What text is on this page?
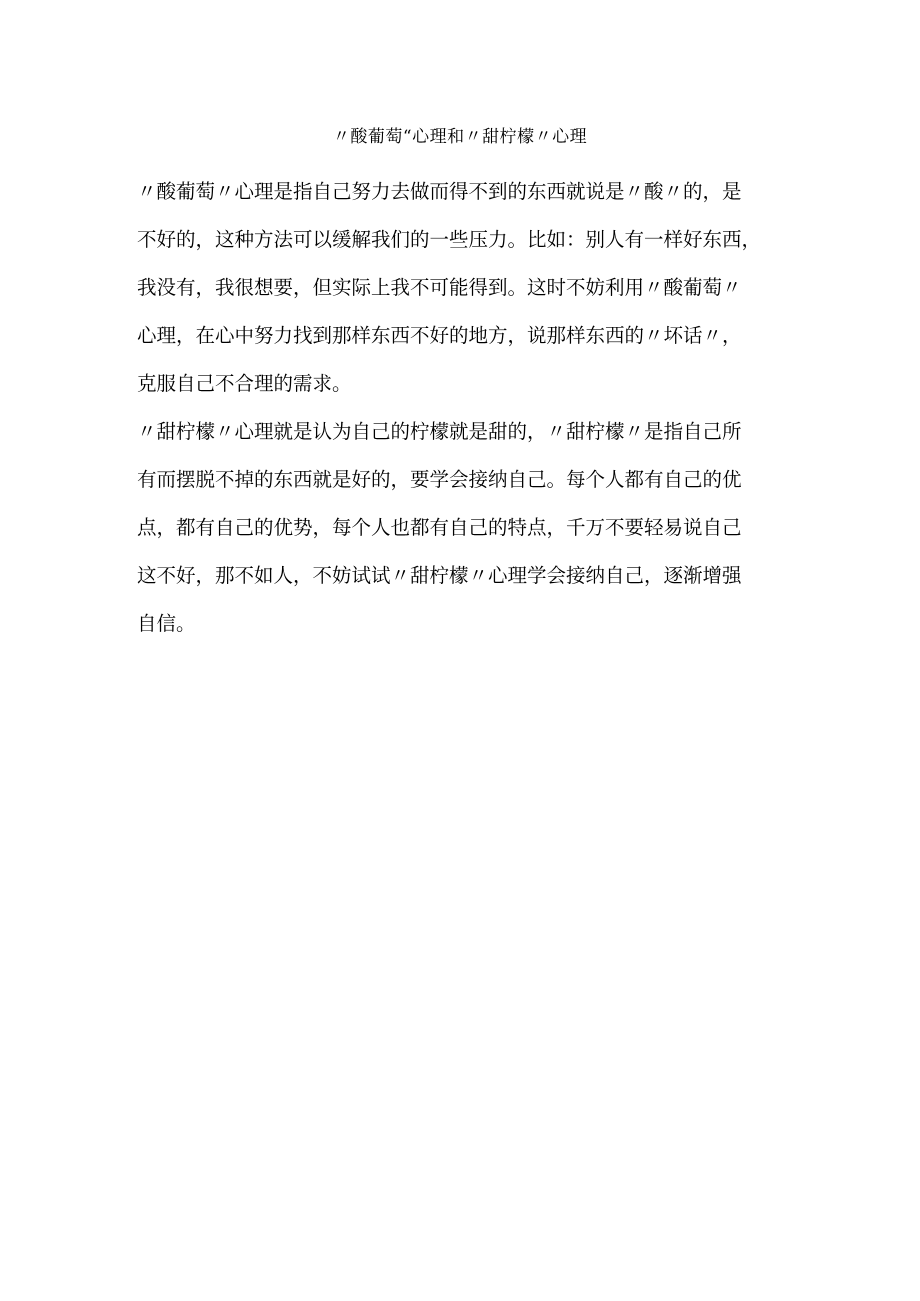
〃酸葡萄“心理和〃甜柠檬〃心理
〃酸葡萄〃心理是指自己努力去做而得不到的东西就说是〃酸〃的，是
不好的，这种方法可以缓解我们的一些压力。比如：别人有一样好东西，
我没有，我很想要，但实际上我不可能得到。这时不妨利用〃酸葡萄〃
心理，在心中努力找到那样东西不好的地方，说那样东西的〃坏话〃，
克服自己不合理的需求。
〃甜柠檬〃心理就是认为自己的柠檬就是甜的，〃甜柠檬〃是指自己所
有而摆脱不掉的东西就是好的，要学会接纳自己。每个人都有自己的优
点，都有自己的优势，每个人也都有自己的特点，千万不要轻易说自己
这不好，那不如人，不妨试试〃甜柠檬〃心理学会接纳自己，逐渐增强
自信。
